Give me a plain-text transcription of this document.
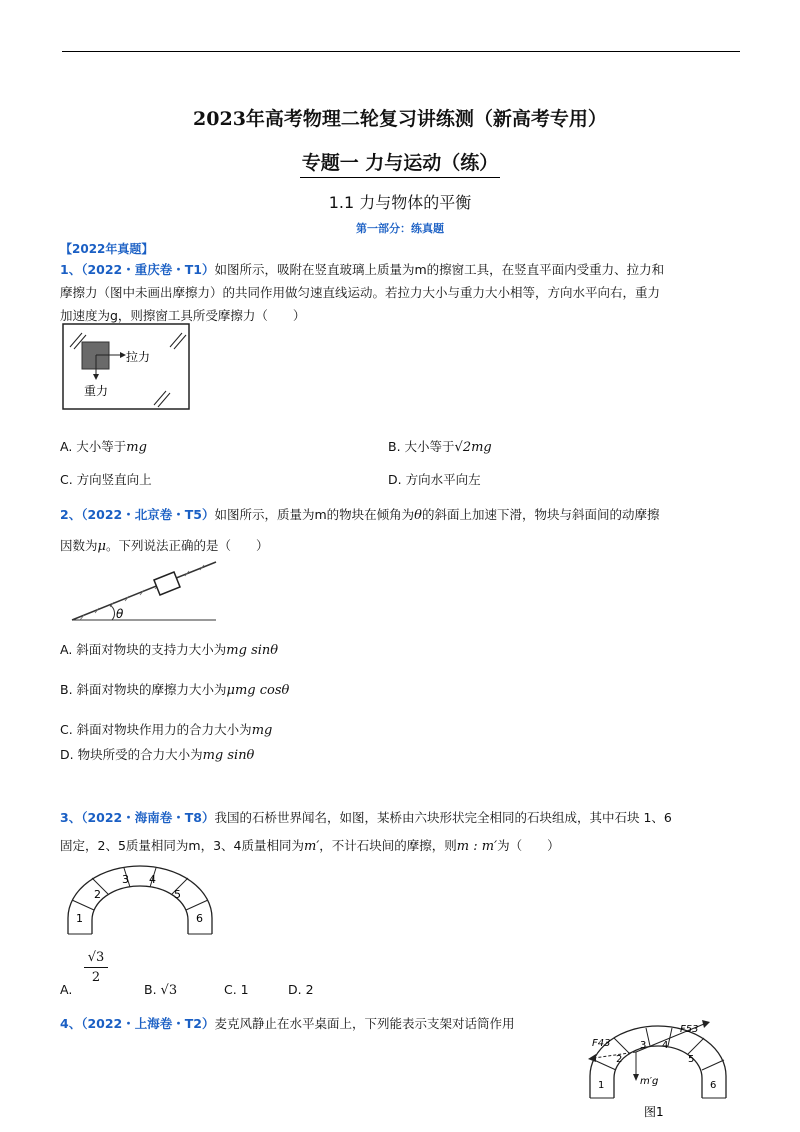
2023年高考物理二轮复习讲练测（新高考专用）
专题一 力与运动（练）
1.1 力与物体的平衡
第一部分：练真题
【2022年真题】
1、（2022・重庆卷・T1）如图所示，吸附在竖直玻璃上质量为m的擦窗工具，在竖直平面内受重力、拉力和
摩擦力（图中未画出摩擦力）的共同作用做匀速直线运动。若拉力大小与重力大小相等，方向水平向右，重力
加速度为g，则擦窗工具所受摩擦力（　　）
拉力
重力
A. 大小等于mg	B. 大小等于√2mg
C. 方向竖直向上	D. 方向水平向左
2、（2022・北京卷・T5）如图所示，质量为m的物块在倾角为θ的斜面上加速下滑，物块与斜面间的动摩擦
因数为μ。下列说法正确的是（　　）
θ
A. 斜面对物块的支持力大小为mg sinθ
B. 斜面对物块的摩擦力大小为μmg cosθ
C. 斜面对物块作用力的合力大小为mg
D. 物块所受的合力大小为mg sinθ
3、（2022・海南卷・T8）我国的石桥世界闻名，如图，某桥由六块形状完全相同的石块组成，其中石块 1、6
固定，2、5质量相同为m，3、4质量相同为m′，不计石块间的摩擦，则m : m′为（　　）
1
2
3 4
5
6
A.
$\frac{√3}{2}$
B. √3	C. 1	D. 2
4、（2022・上海卷・T2）麦克风静止在水平桌面上，下列能表示支架对话筒作用
F43
F53
m′g
1
2
3 4
5
6
图1
